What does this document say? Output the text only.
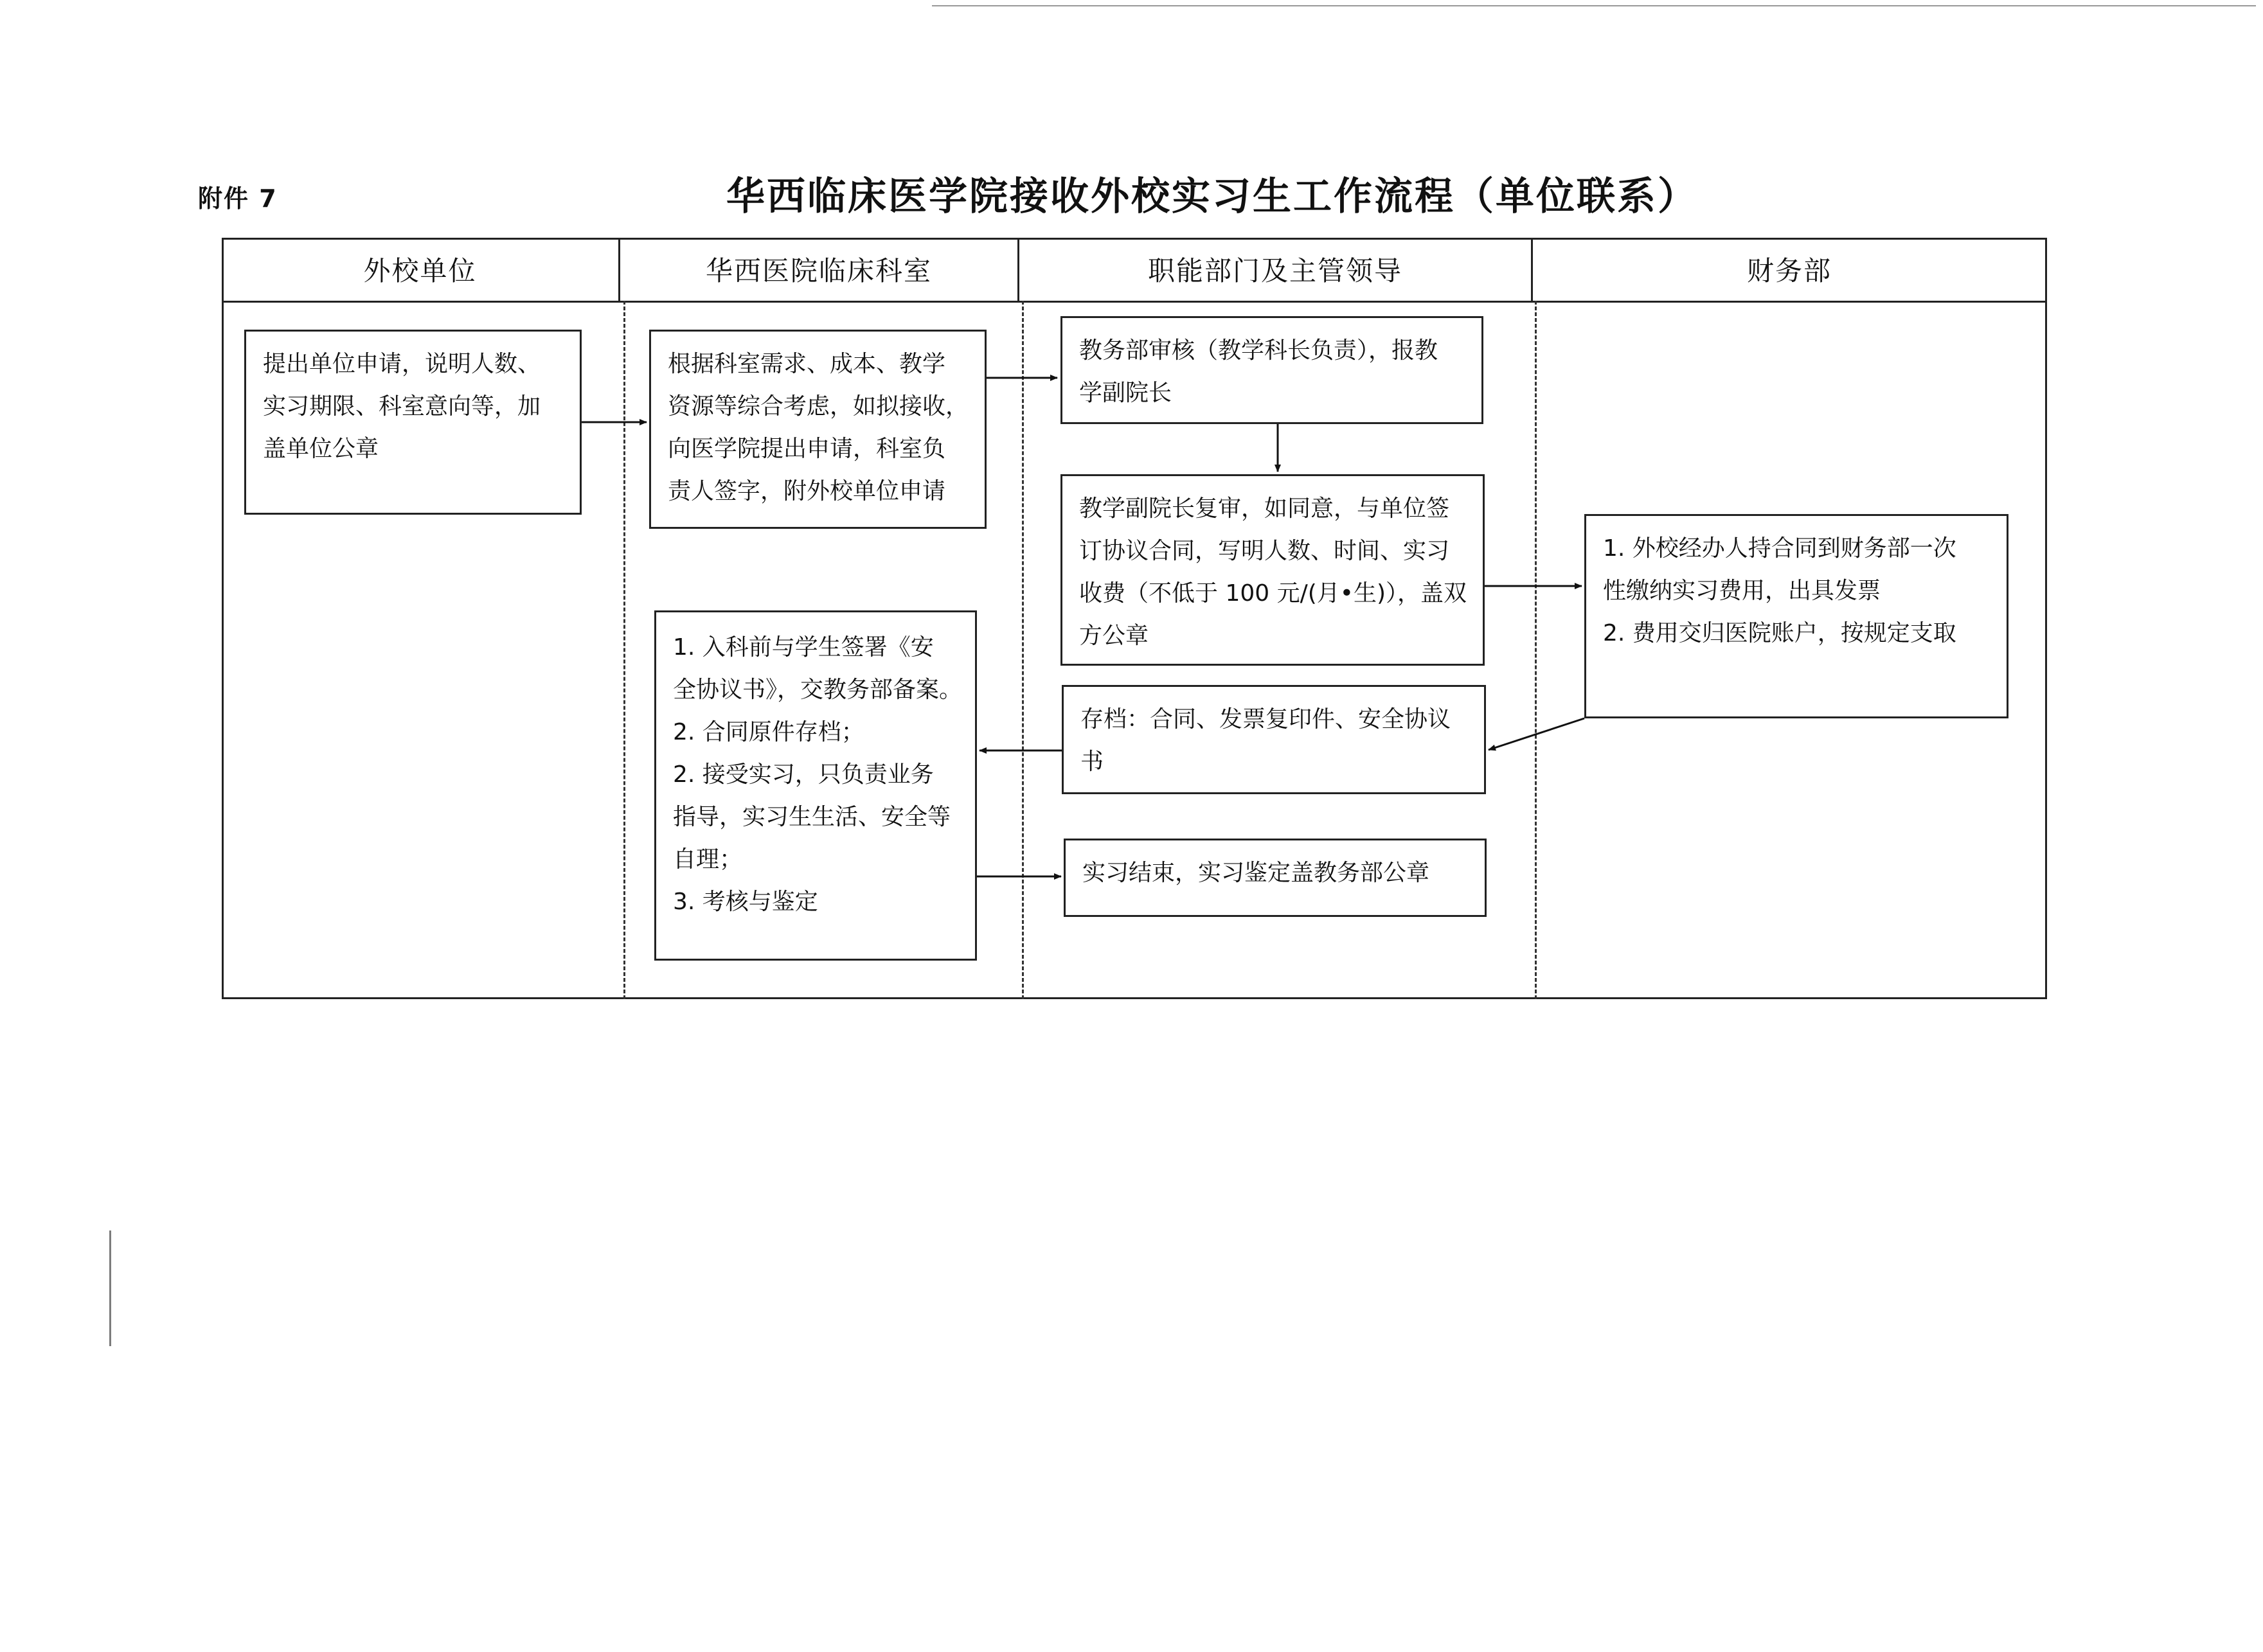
附件 7	华西临床医学院接收外校实习生工作流程（单位联系）
外校单位	华西医院临床科室	职能部门及主管领导	财务部
提出单位申请，说明人数、
实习期限、科室意向等，加
盖单位公章
根据科室需求、成本、教学
资源等综合考虑，如拟接收，
向医学院提出申请，科室负
责人签字，附外校单位申请
教务部审核（教学科长负责），报教
学副院长
教学副院长复审，如同意，与单位签
订协议合同，写明人数、时间、实习
收费（不低于 100 元/(月•生)），盖双
方公章
1. 外校经办人持合同到财务部一次
性缴纳实习费用，出具发票
2. 费用交归医院账户，按规定支取
存档：合同、发票复印件、安全协议
书
1. 入科前与学生签署《安
全协议书》，交教务部备案。
2. 合同原件存档；
2. 接受实习，只负责业务
指导，实习生生活、安全等
自理；
3. 考核与鉴定
实习结束，实习鉴定盖教务部公章
